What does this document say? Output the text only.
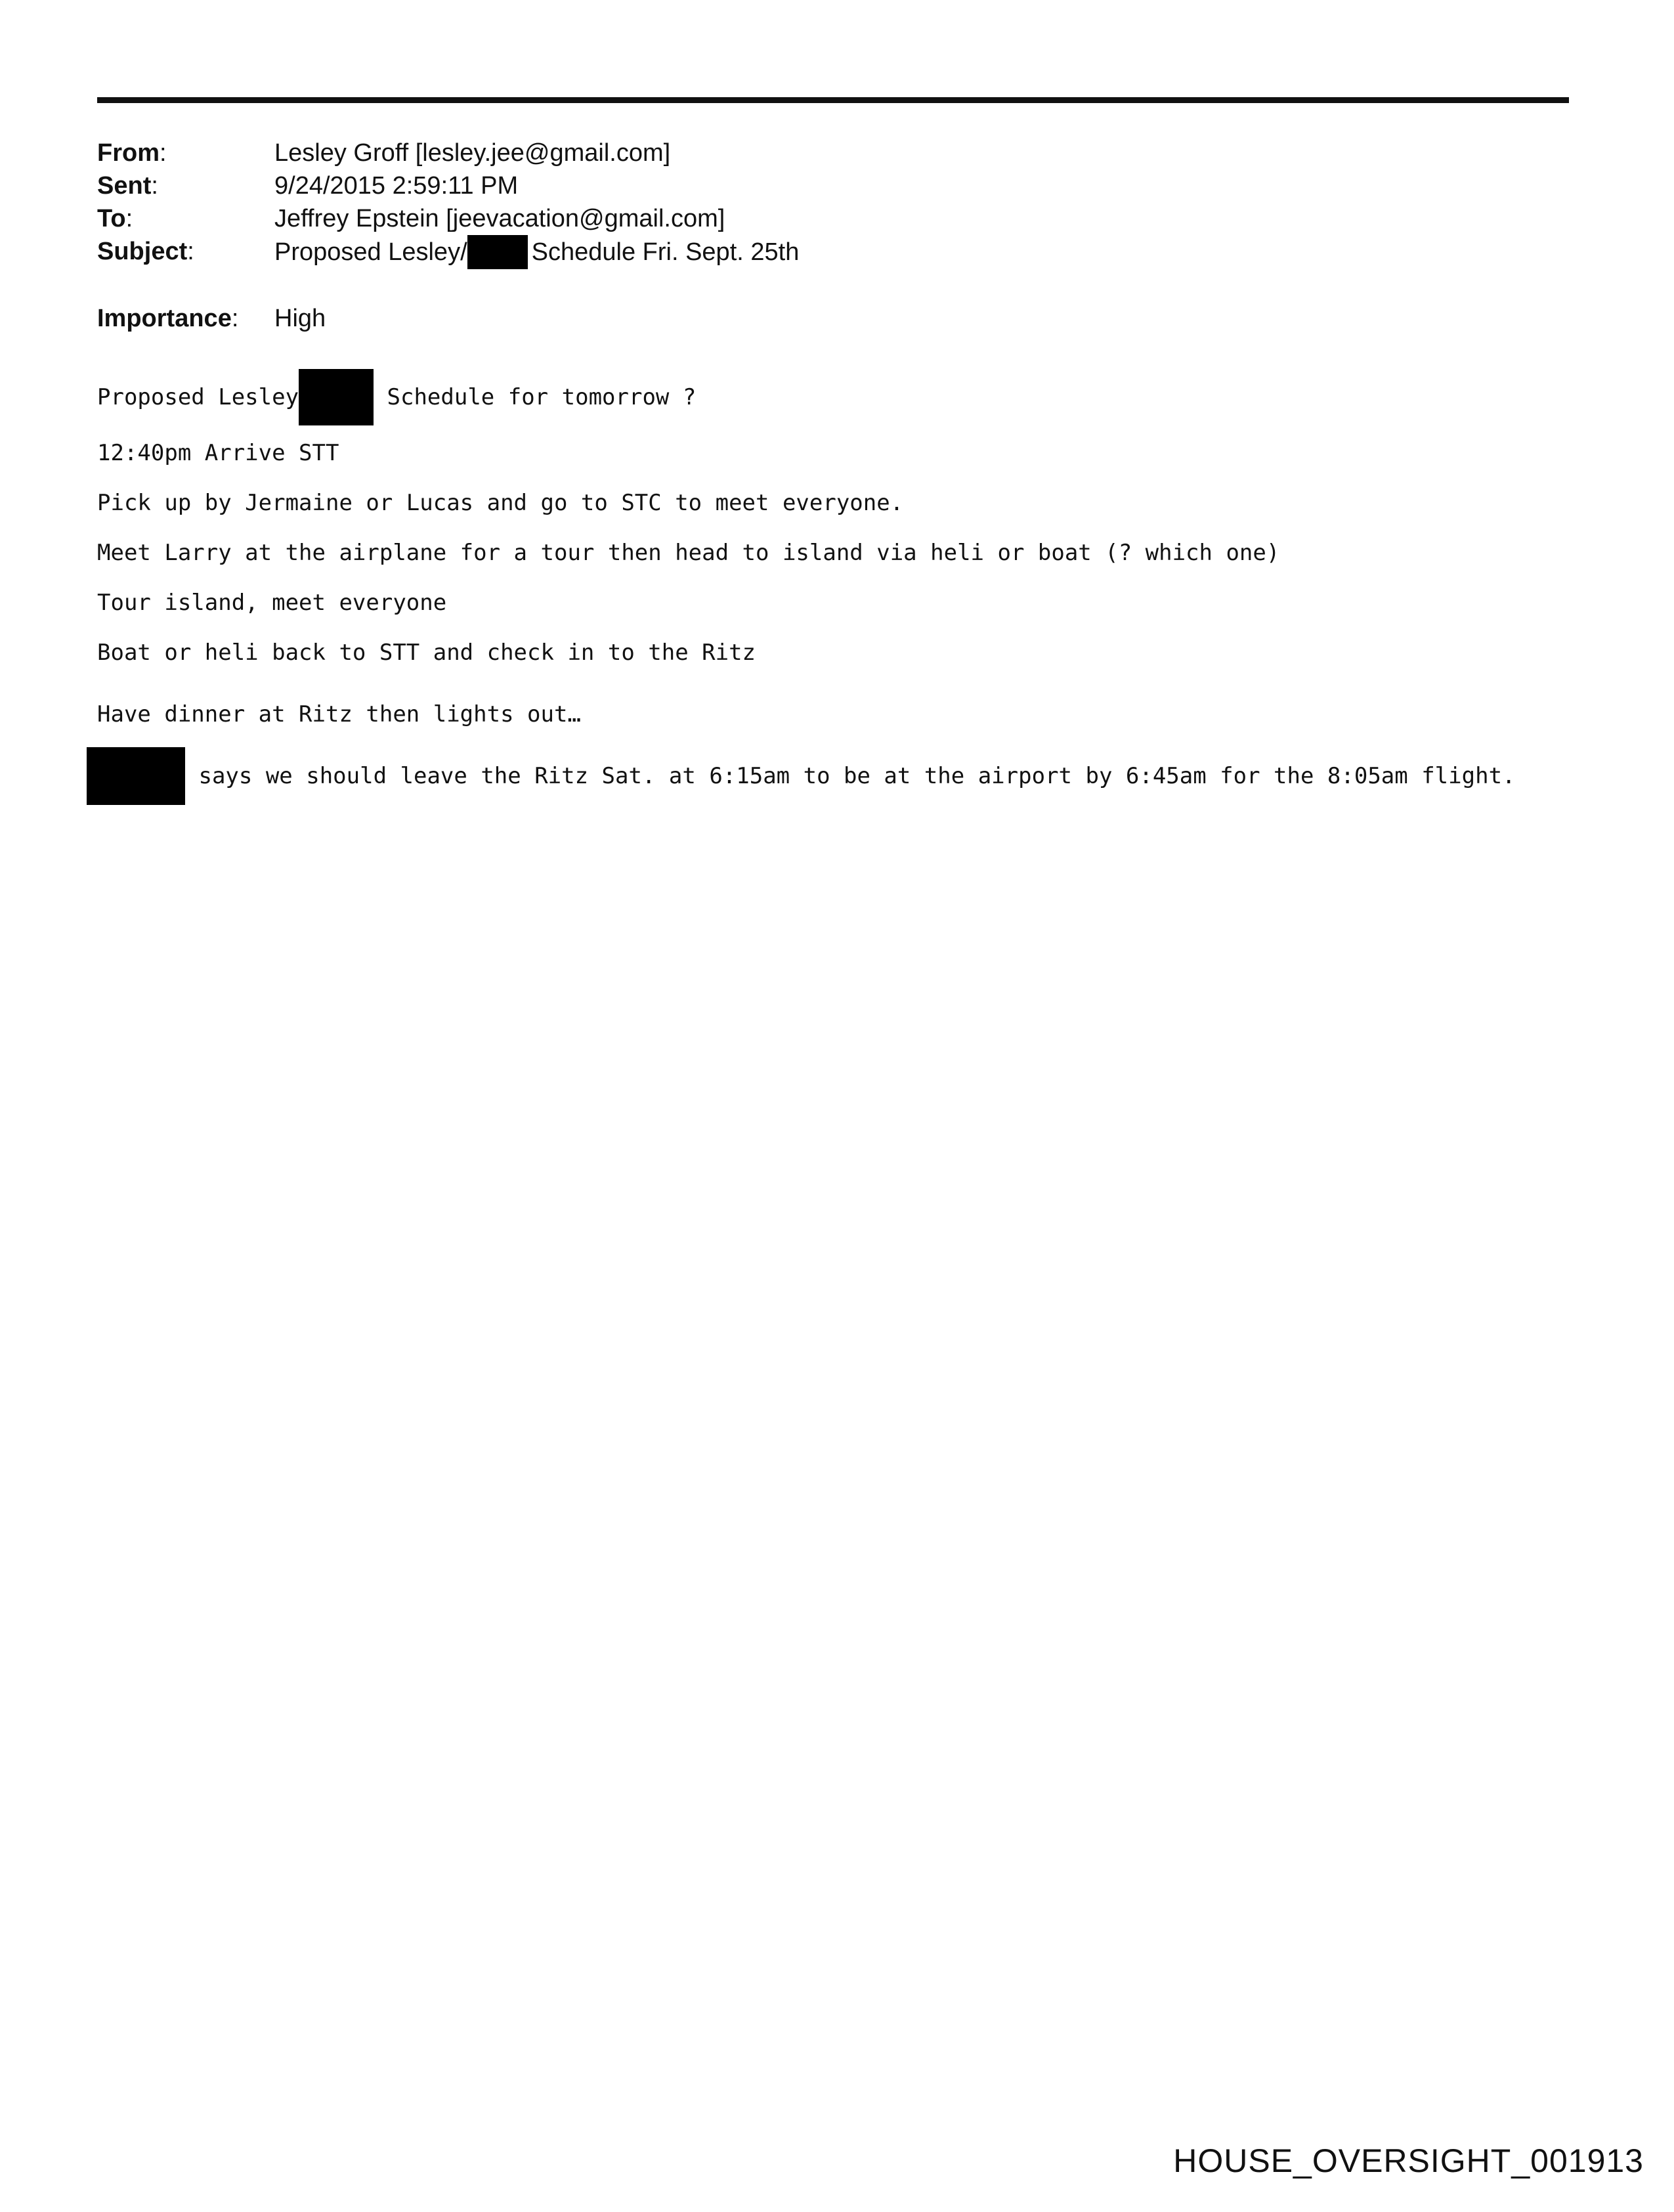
From:	Lesley Groff [lesley.jee@gmail.com]
Sent:	9/24/2015 2:59:11 PM
To:	Jeffrey Epstein [jeevacation@gmail.com]
Subject:	Proposed Lesley/	Schedule Fri. Sept. 25th
Importance:	High
Proposed Lesley	Schedule for tomorrow ?
12:40pm Arrive STT
Pick up by Jermaine or Lucas and go to STC to meet everyone.
Meet Larry at the airplane for a tour then head to island via heli or boat (? which one)
Tour island, meet everyone
Boat or heli back to STT and check in to the Ritz
Have dinner at Ritz then lights out…
says we should leave the Ritz Sat. at 6:15am to be at the airport by 6:45am for the 8:05am flight.
HOUSE_OVERSIGHT_001913
